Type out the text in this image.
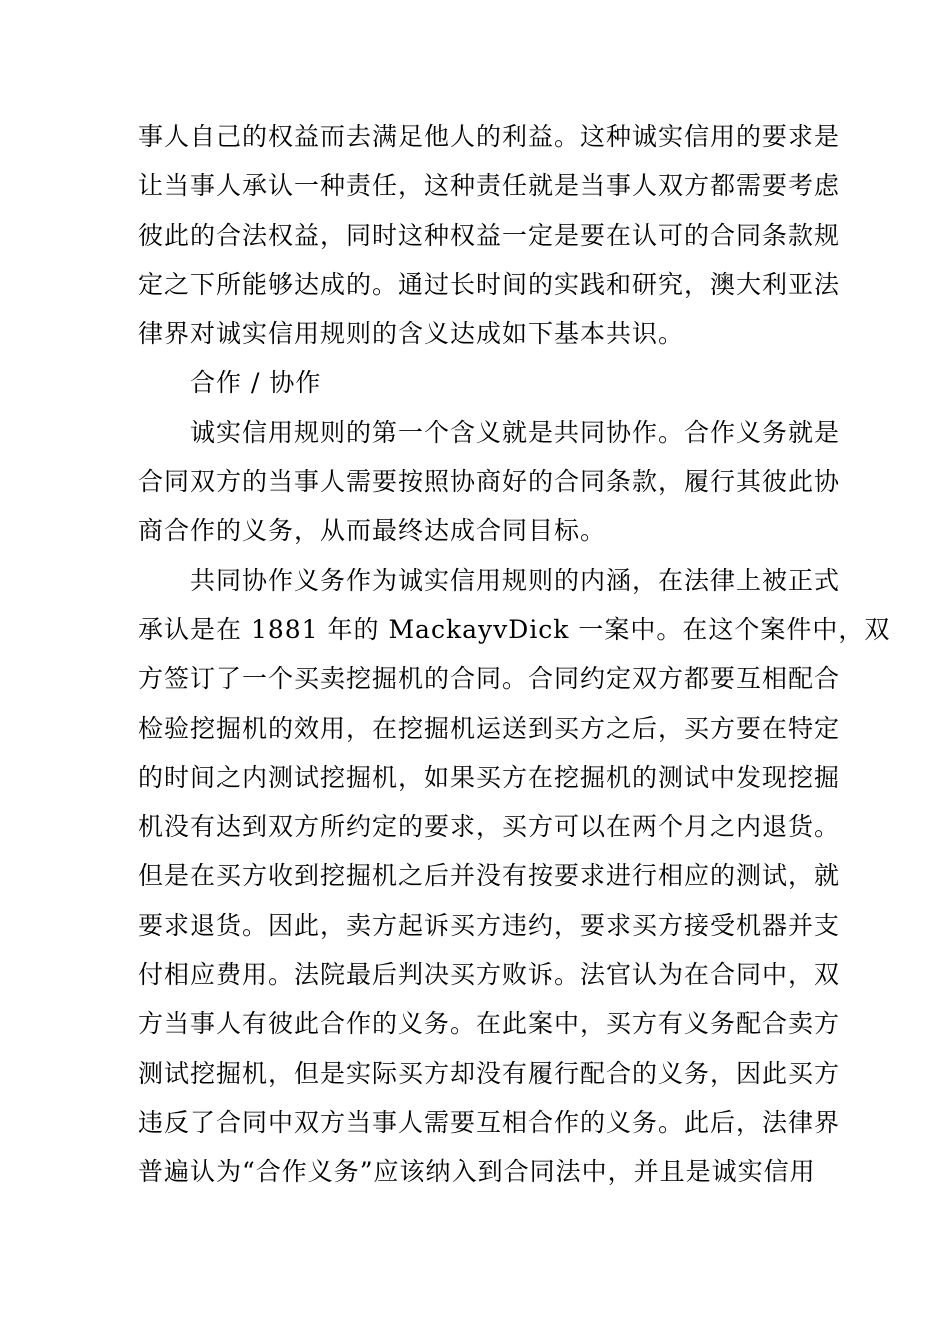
事人自己的权益而去满足他人的利益。这种诚实信用的要求是
让当事人承认一种责任，这种责任就是当事人双方都需要考虑
彼此的合法权益，同时这种权益一定是要在认可的合同条款规
定之下所能够达成的。通过长时间的实践和研究，澳大利亚法
律界对诚实信用规则的含义达成如下基本共识。
合作 / 协作
诚实信用规则的第一个含义就是共同协作。合作义务就是
合同双方的当事人需要按照协商好的合同条款，履行其彼此协
商合作的义务，从而最终达成合同目标。
共同协作义务作为诚实信用规则的内涵，在法律上被正式
承认是在 1881 年的 MackayvDick 一案中。在这个案件中，双
方签订了一个买卖挖掘机的合同。合同约定双方都要互相配合
检验挖掘机的效用，在挖掘机运送到买方之后，买方要在特定
的时间之内测试挖掘机，如果买方在挖掘机的测试中发现挖掘
机没有达到双方所约定的要求，买方可以在两个月之内退货。
但是在买方收到挖掘机之后并没有按要求进行相应的测试，就
要求退货。因此，卖方起诉买方违约，要求买方接受机器并支
付相应费用。法院最后判决买方败诉。法官认为在合同中，双
方当事人有彼此合作的义务。在此案中，买方有义务配合卖方
测试挖掘机，但是实际买方却没有履行配合的义务，因此买方
违反了合同中双方当事人需要互相合作的义务。此后，法律界
普遍认为“合作义务”应该纳入到合同法中，并且是诚实信用
